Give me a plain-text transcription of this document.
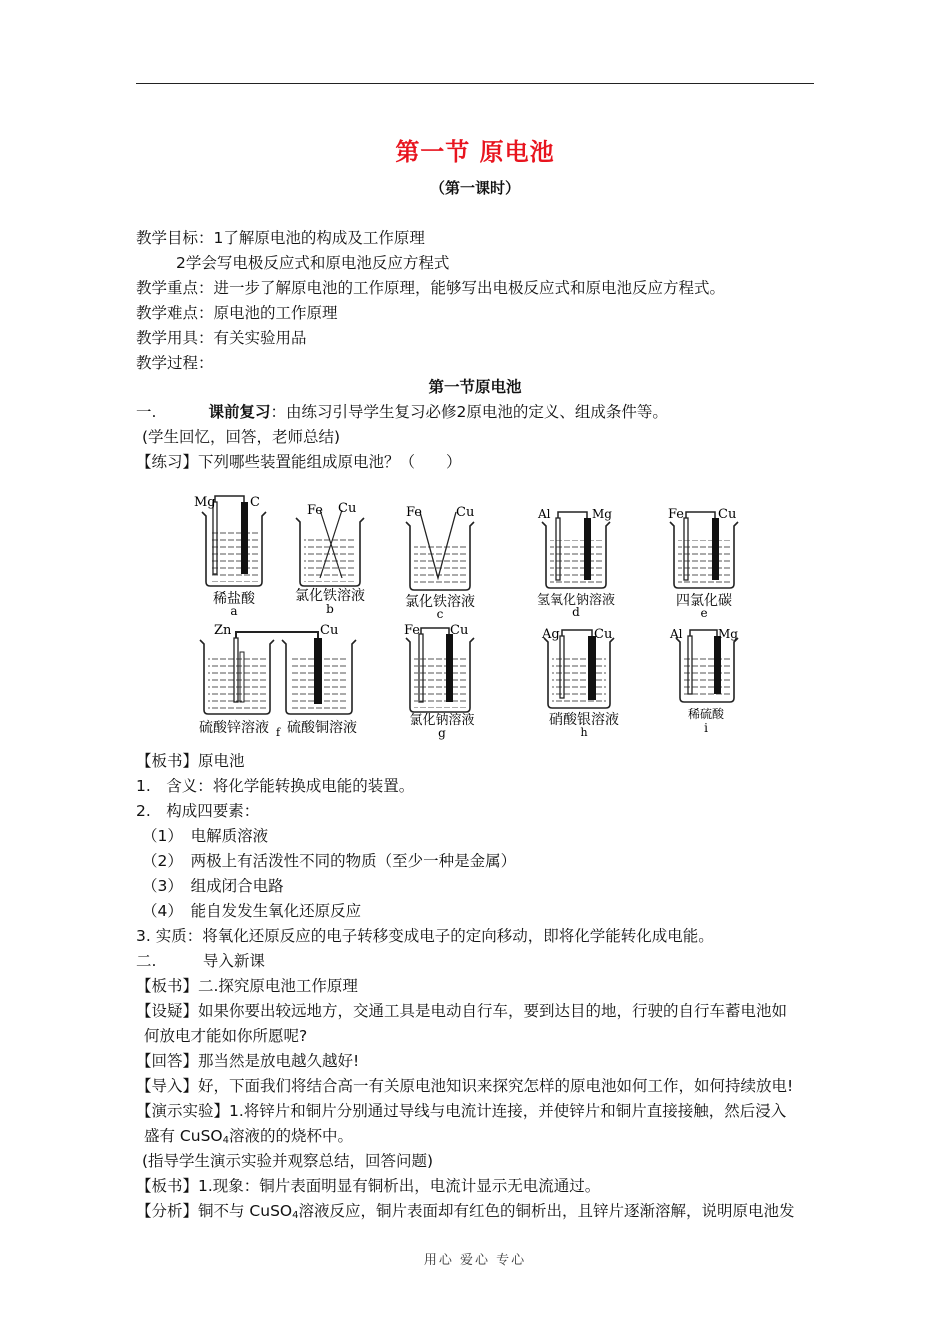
第一节 原电池
（第一课时）
教学目标：1了解原电池的构成及工作原理
2学会写电极反应式和原电池反应方程式
教学重点：进一步了解原电池的工作原理，能够写出电极反应式和原电池反应方程式。
教学难点：原电池的工作原理
教学用具：有关实验用品
教学过程：
第一节原电池
一.	课前复习：由练习引导学生复习必修2原电池的定义、组成条件等。
(学生回忆，回答，老师总结)
【练习】下列哪些装置能组成原电池？（　　）
Mg	C
稀盐酸
a
Fe Cu
氯化铁溶液
b
Fe	Cu
氯化铁溶液
c
Al	Mg
氢氧化钠溶液
d
Fe	Cu
四氯化碳
e
Zn	Cu
硫酸锌溶液 f 硫酸铜溶液
Fe Cu
氯化钠溶液
g
Ag	Cu
硝酸银溶液
h
Al	Mg
稀硫酸
i
【板书】原电池
1.　含义：将化学能转换成电能的装置。
2.　构成四要素：
（1）　电解质溶液
（2）　两极上有活泼性不同的物质（至少一种是金属）
（3）　组成闭合电路
（4）　能自发发生氧化还原反应
3. 实质：将氧化还原反应的电子转移变成电子的定向移动，即将化学能转化成电能。
二.　　　导入新课
【板书】二.探究原电池工作原理
【设疑】如果你要出较远地方，交通工具是电动自行车，要到达目的地，行驶的自行车蓄电池如
何放电才能如你所愿呢?
【回答】那当然是放电越久越好!
【导入】好，下面我们将结合高一有关原电池知识来探究怎样的原电池如何工作，如何持续放电!
【演示实验】1.将锌片和铜片分别通过导线与电流计连接，并使锌片和铜片直接接触，然后浸入
盛有 CuSO$_4$溶液的的烧杯中。
(指导学生演示实验并观察总结，回答问题)
【板书】1.现象：铜片表面明显有铜析出，电流计显示无电流通过。
【分析】铜不与 CuSO$_4$溶液反应，铜片表面却有红色的铜析出，且锌片逐渐溶解，说明原电池发
用心 爱心 专心
